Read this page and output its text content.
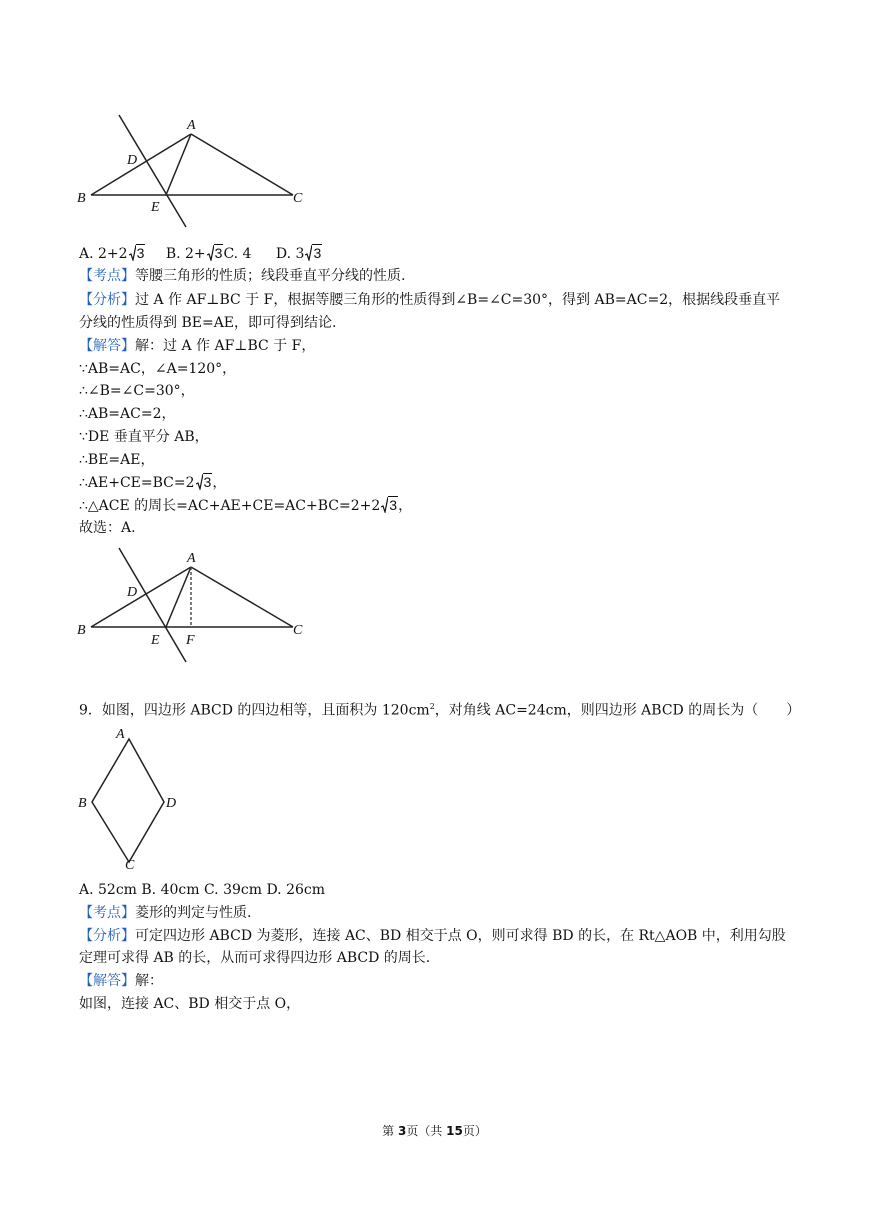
A
D
B
E
C
A. 2+2 3 B. 2+ 3C. 4 D. 3 3
【考点】等腰三角形的性质；线段垂直平分线的性质.
【分析】过 A 作 AF⊥BC 于 F，根据等腰三角形的性质得到∠B=∠C=30°，得到 AB=AC=2，根据线段垂直平
分线的性质得到 BE=AE，即可得到结论.
【解答】解：过 A 作 AF⊥BC 于 F，
∵AB=AC，∠A=120°，
∴∠B=∠C=30°，
∴AB=AC=2，
∵DE 垂直平分 AB，
∴BE=AE，
∴AE+CE=BC=2 3，
∴△ACE 的周长=AC+AE+CE=AC+BC=2+2 3，
故选：A.
A
D
B
E F
C
9．如图，四边形 ABCD 的四边相等，且面积为 $120cm^2$，对角线 AC=24cm，则四边形 ABCD 的周长为（　　）
A
B	D
C
A. 52cm B. 40cm C. 39cm D. 26cm
【考点】菱形的判定与性质.
【分析】可定四边形 ABCD 为菱形，连接 AC、BD 相交于点 O，则可求得 BD 的长，在 Rt△AOB 中，利用勾股
定理可求得 AB 的长，从而可求得四边形 ABCD 的周长.
【解答】解：
如图，连接 AC、BD 相交于点 O，
第 3页（共 15页）
